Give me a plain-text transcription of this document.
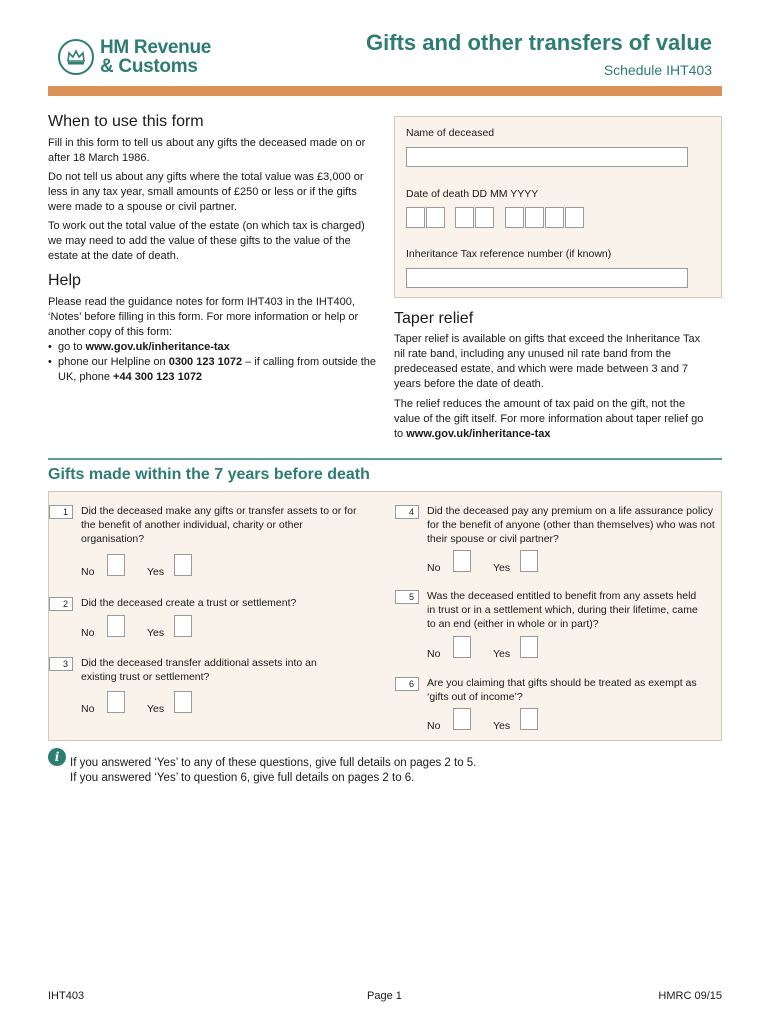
HM Revenue
& Customs
Gifts and other transfers of value
Schedule IHT403
When to use this form

Fill in this form to tell us about any gifts the deceased made on or after 18 March 1986.

Do not tell us about any gifts where the total value was £3,000 or less in any tax year, small amounts of £250 or less or if the gifts were made to a spouse or civil partner.

To work out the total value of the estate (on which tax is charged) we may need to add the value of these gifts to the value of the estate at the date of death.

Help

Please read the guidance notes for form IHT403 in the IHT400, ‘Notes’ before filling in this form. For more information or help or another copy of this form:

• go to www.gov.uk/inheritance-tax
• phone our Helpline on 0300 123 1072 – if calling from outside the UK, phone +44 300 123 1072
Name of deceased
Date of death DD MM YYYY
Inheritance Tax reference number (if known)
Taper relief

Taper relief is available on gifts that exceed the Inheritance Tax nil rate band, including any unused nil rate band from the predeceased estate, and which were made between 3 and 7 years before the date of death.

The relief reduces the amount of tax paid on the gift, not the value of the gift itself. For more information about taper relief go to www.gov.uk/inheritance-tax

Gifts made within the 7 years before death
1	Did the deceased make any gifts or transfer assets to or for the benefit of another individual, charity or other organisation?
No	Yes
2	Did the deceased create a trust or settlement?
No	Yes
3	Did the deceased transfer additional assets into an existing trust or settlement?
No	Yes
4	Did the deceased pay any premium on a life assurance policy for the benefit of anyone (other than themselves) who was not their spouse or civil partner?
No	Yes
5	Was the deceased entitled to benefit from any assets held in trust or in a settlement which, during their lifetime, came to an end (either in whole or in part)?
No	Yes
6	Are you claiming that gifts should be treated as exempt as ‘gifts out of income’?
No	Yes
i If you answered ‘Yes’ to any of these questions, give full details on pages 2 to 5.
If you answered ‘Yes’ to question 6, give full details on pages 2 to 6.
IHT403	Page 1	HMRC 09/15
